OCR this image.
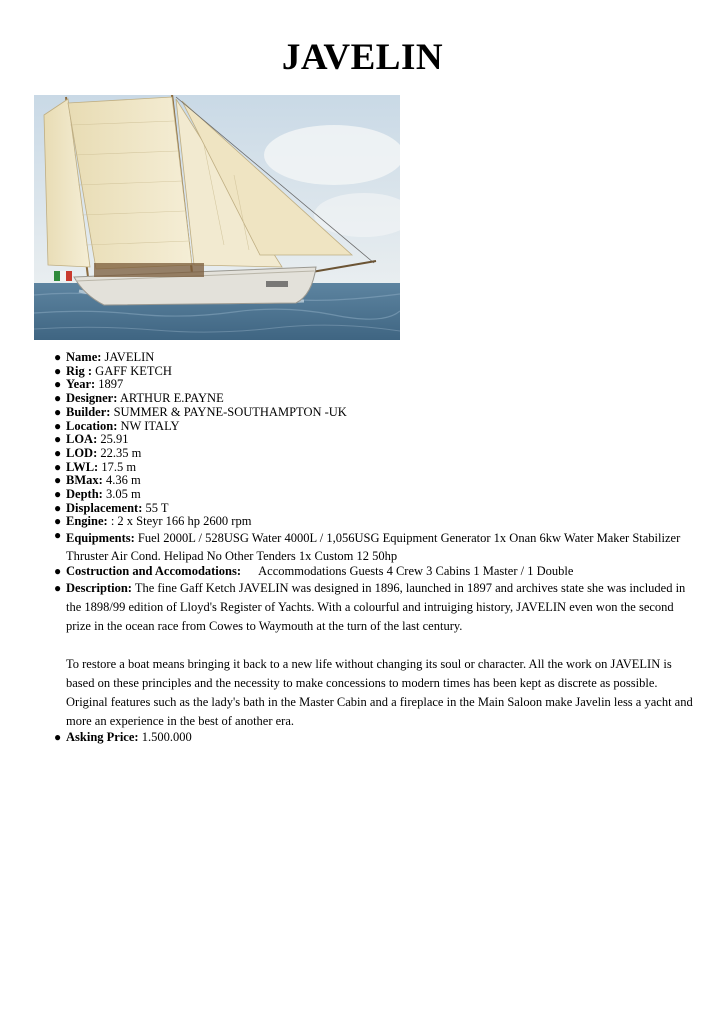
JAVELIN
● Name: JAVELIN
● Rig : GAFF KETCH
● Year: 1897
● Designer: ARTHUR E.PAYNE
● Builder: SUMMER & PAYNE-SOUTHAMPTON -UK
● Location: NW ITALY
● LOA: 25.91
● LOD: 22.35 m
● LWL: 17.5 m
● BMax: 4.36 m
● Depth: 3.05 m
● Displacement: 55 T
● Engine: : 2 x Steyr 166 hp 2600 rpm
● Equipments: Fuel 2000L / 528USG Water 4000L / 1,056USG Equipment Generator 1x Onan 6kw Water Maker Stabilizer Thruster Air Cond. Helipad No Other Tenders 1x Custom 12 50hp
● Costruction and Accomodations: Accommodations Guests 4 Crew 3 Cabins 1 Master / 1 Double
● Description: The fine Gaff Ketch JAVELIN was designed in 1896, launched in 1897 and archives state she was included in the 1898/99 edition of Lloyd's Register of Yachts. With a colourful and intruiging history, JAVELIN even won the second prize in the ocean race from Cowes to Waymouth at the turn of the last century.

To restore a boat means bringing it back to a new life without changing its soul or character. All the work on JAVELIN is based on these principles and the necessity to make concessions to modern times has been kept as discrete as possible. Original features such as the lady's bath in the Master Cabin and a fireplace in the Main Saloon make Javelin less a yacht and more an experience in the best of another era.

● Asking Price: 1.500.000
